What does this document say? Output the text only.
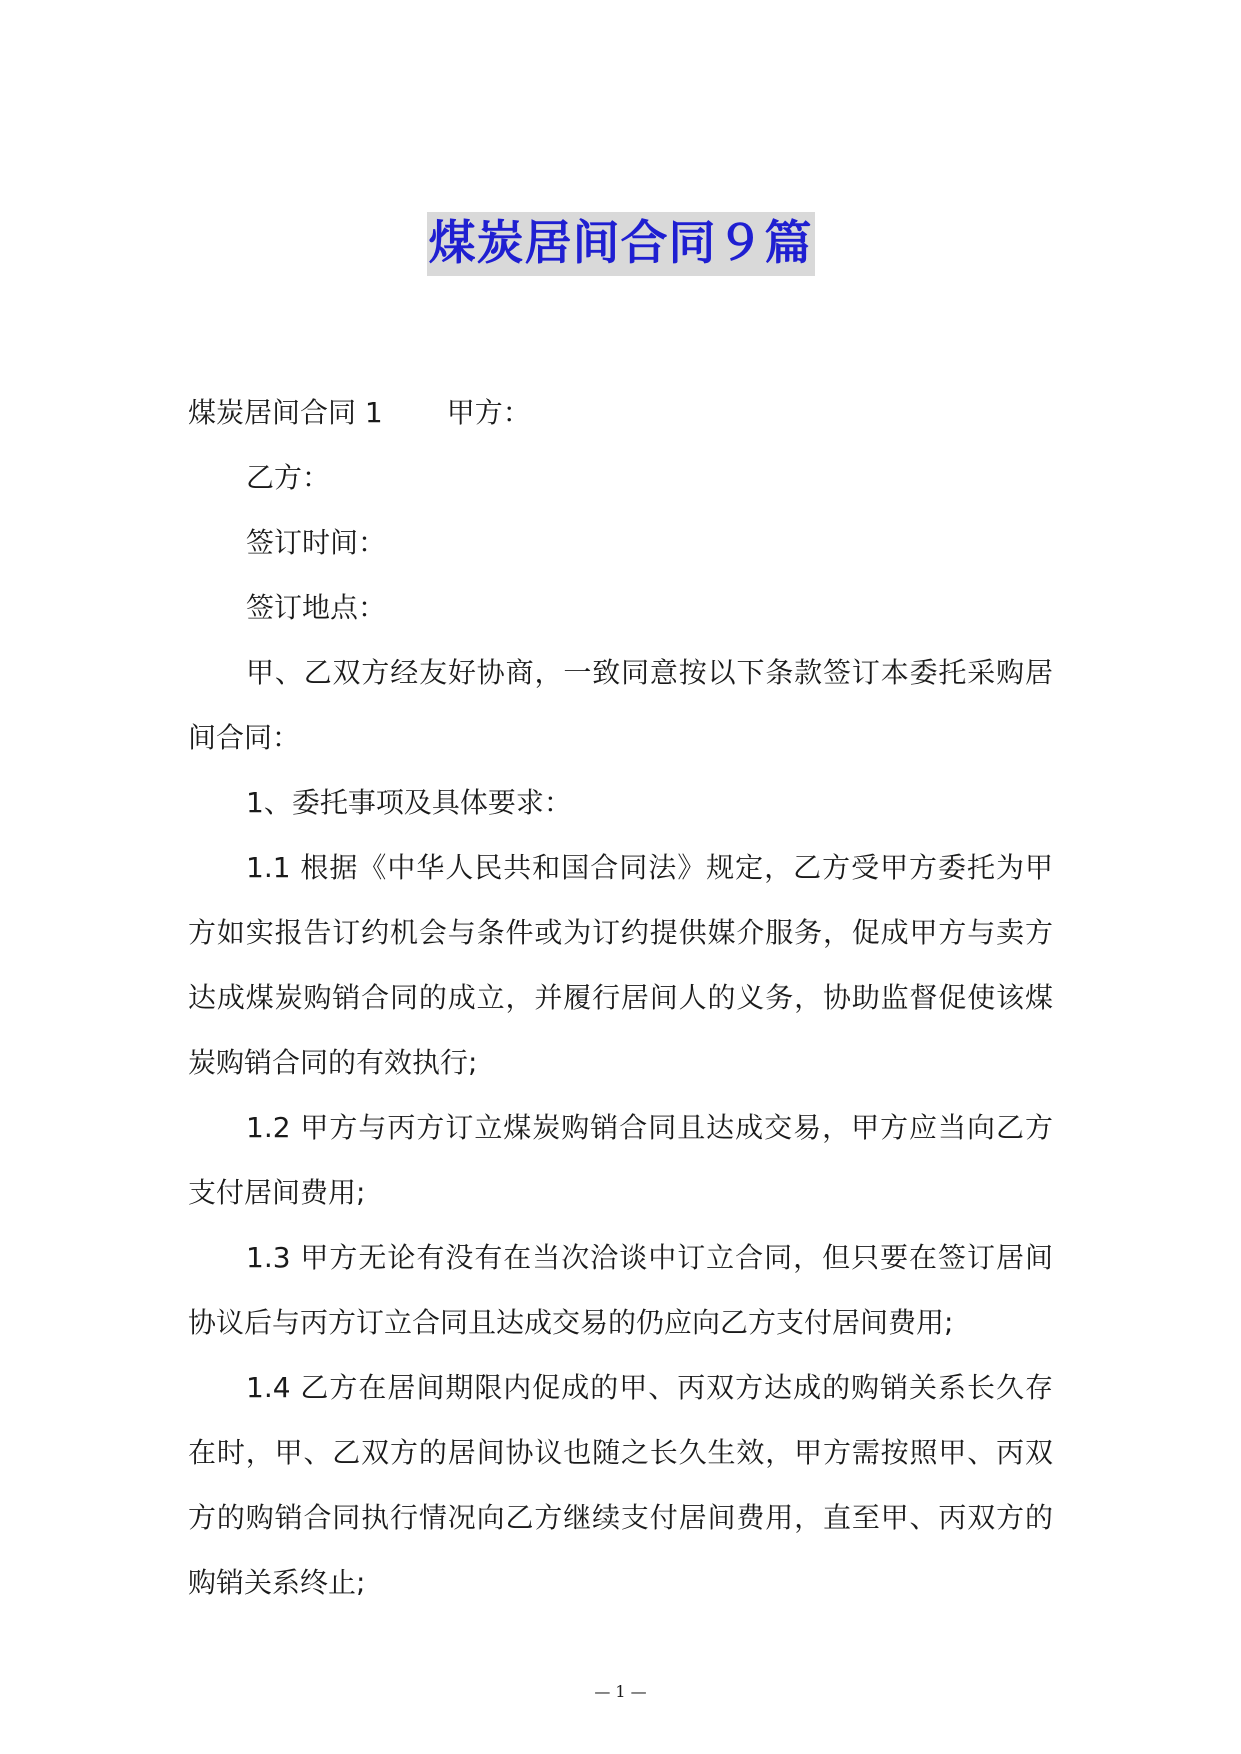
煤炭居间合同９篇
煤炭居间合同 1 甲方：
乙方：
签订时间：
签订地点：
甲、乙双方经友好协商，一致同意按以下条款签订本委托采购居
间合同：
1、委托事项及具体要求：
1.1 根据《中华人民共和国合同法》规定，乙方受甲方委托为甲
方如实报告订约机会与条件或为订约提供媒介服务，促成甲方与卖方
达成煤炭购销合同的成立，并履行居间人的义务，协助监督促使该煤
炭购销合同的有效执行;
1.2 甲方与丙方订立煤炭购销合同且达成交易，甲方应当向乙方
支付居间费用;
1.3 甲方无论有没有在当次洽谈中订立合同，但只要在签订居间
协议后与丙方订立合同且达成交易的仍应向乙方支付居间费用;
1.4 乙方在居间期限内促成的甲、丙双方达成的购销关系长久存
在时，甲、乙双方的居间协议也随之长久生效，甲方需按照甲、丙双
方的购销合同执行情况向乙方继续支付居间费用，直至甲、丙双方的
购销关系终止;
— 1 —
